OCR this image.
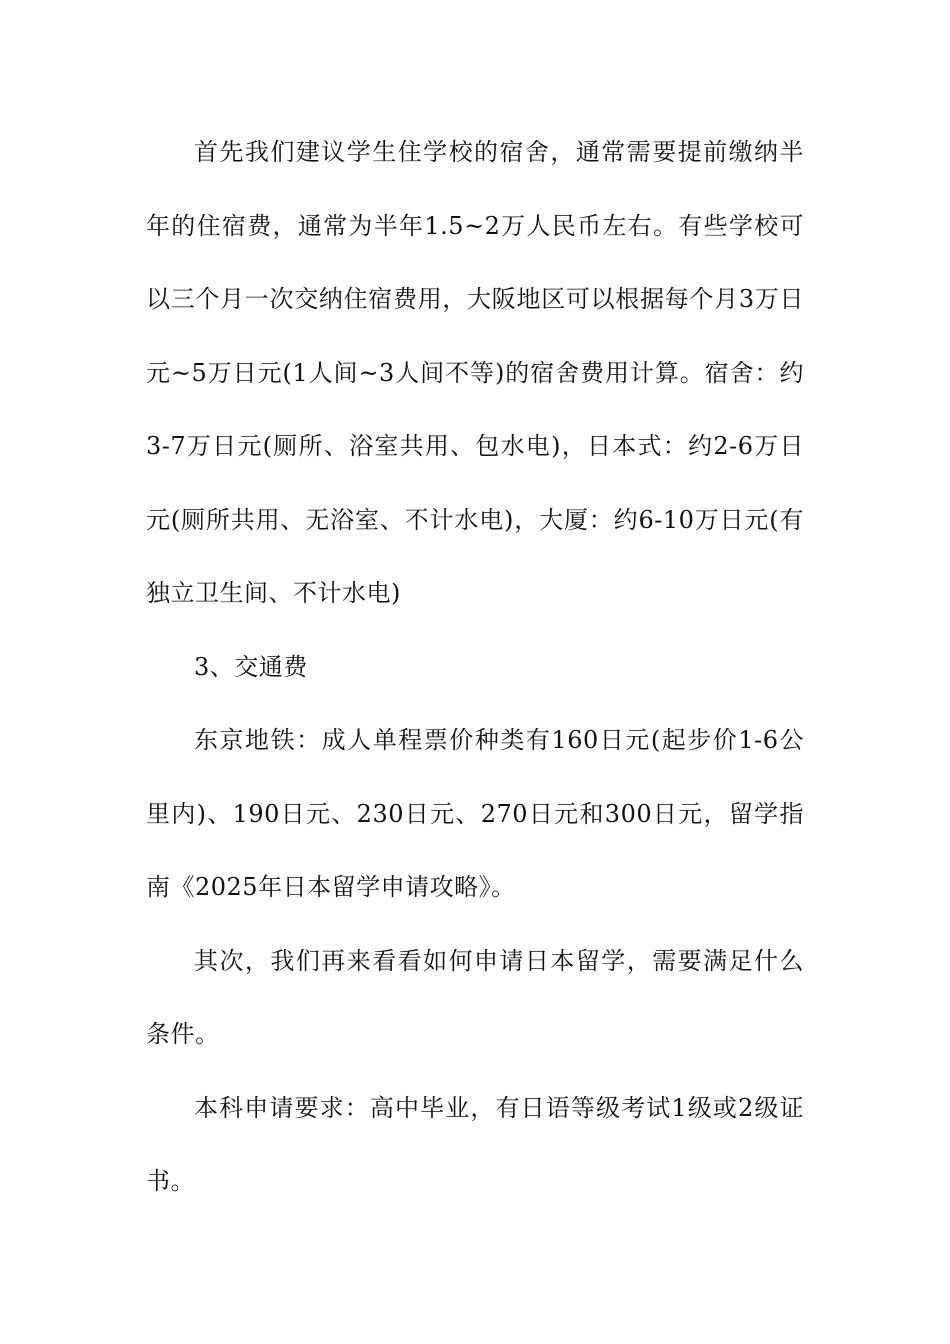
首先我们建议学生住学校的宿舍，通常需要提前缴纳半年的住宿费，通常为半年1.5~2万人民币左右。有些学校可以三个月一次交纳住宿费用，大阪地区可以根据每个月3万日元~5万日元(1人间~3人间不等)的宿舍费用计算。宿舍：约3-7万日元(厕所、浴室共用、包水电)，日本式：约2-6万日元(厕所共用、无浴室、不计水电)，大厦：约6-10万日元(有独立卫生间、不计水电)

3、交通费

东京地铁：成人单程票价种类有160日元(起步价1-6公里内)、190日元、230日元、270日元和300日元，留学指南《2025年日本留学申请攻略》。

其次，我们再来看看如何申请日本留学，需要满足什么条件。

本科申请要求：高中毕业，有日语等级考试1级或2级证书。
